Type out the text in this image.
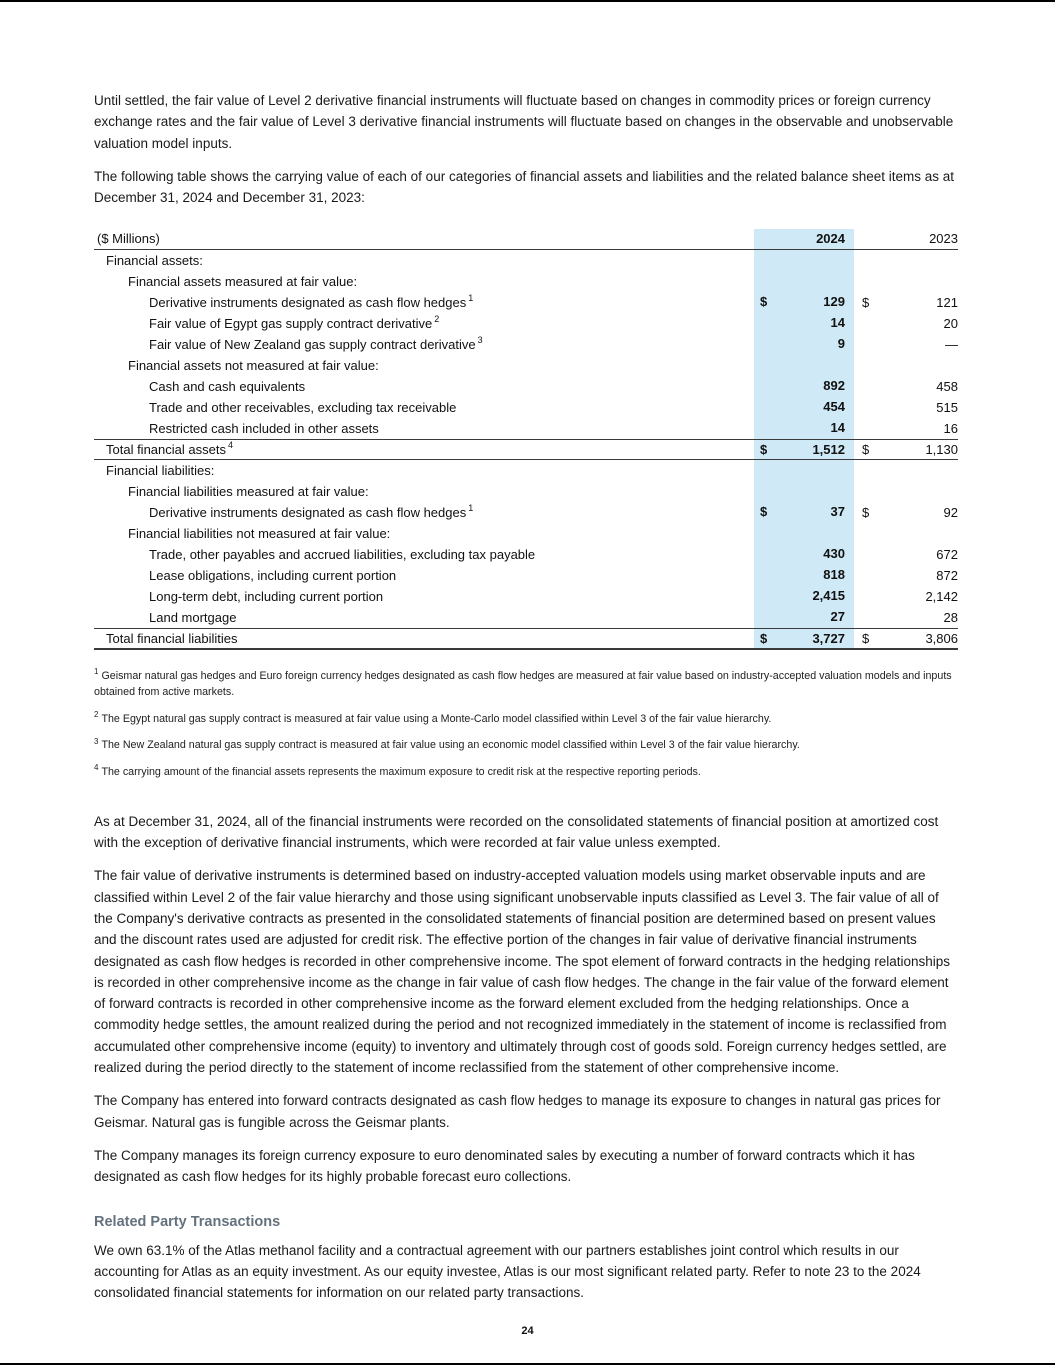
Until settled, the fair value of Level 2 derivative financial instruments will fluctuate based on changes in commodity prices or foreign currency exchange rates and the fair value of Level 3 derivative financial instruments will fluctuate based on changes in the observable and unobservable valuation model inputs.

The following table shows the carrying value of each of our categories of financial assets and liabilities and the related balance sheet items as at December 31, 2024 and December 31, 2023:

($ Millions)	2024	2023
Financial assets:
Financial assets measured at fair value:
Derivative instruments designated as cash flow hedges $^1$	$	129 $	121
Fair value of Egypt gas supply contract derivative $^2$	14	20
Fair value of New Zealand gas supply contract derivative $^3$	9	—
Financial assets not measured at fair value:
Cash and cash equivalents	892	458
Trade and other receivables, excluding tax receivable	454	515
Restricted cash included in other assets	14	16
Total financial assets $^4$	$	1,512 $	1,130
Financial liabilities:
Financial liabilities measured at fair value:
Derivative instruments designated as cash flow hedges $^1$	$	37 $	92
Financial liabilities not measured at fair value:
Trade, other payables and accrued liabilities, excluding tax payable	430	672
Lease obligations, including current portion	818	872
Long-term debt, including current portion	2,415	2,142
Land mortgage	27	28
Total financial liabilities	$	3,727 $	3,806

$^1$ Geismar natural gas hedges and Euro foreign currency hedges designated as cash flow hedges are measured at fair value based on industry-accepted valuation models and inputs obtained from active markets.

$^2$ The Egypt natural gas supply contract is measured at fair value using a Monte-Carlo model classified within Level 3 of the fair value hierarchy.

$^3$ The New Zealand natural gas supply contract is measured at fair value using an economic model classified within Level 3 of the fair value hierarchy.

$^4$ The carrying amount of the financial assets represents the maximum exposure to credit risk at the respective reporting periods.

As at December 31, 2024, all of the financial instruments were recorded on the consolidated statements of financial position at amortized cost with the exception of derivative financial instruments, which were recorded at fair value unless exempted.

The fair value of derivative instruments is determined based on industry-accepted valuation models using market observable inputs and are classified within Level 2 of the fair value hierarchy and those using significant unobservable inputs classified as Level 3. The fair value of all of the Company's derivative contracts as presented in the consolidated statements of financial position are determined based on present values and the discount rates used are adjusted for credit risk. The effective portion of the changes in fair value of derivative financial instruments designated as cash flow hedges is recorded in other comprehensive income. The spot element of forward contracts in the hedging relationships is recorded in other comprehensive income as the change in fair value of cash flow hedges. The change in the fair value of the forward element of forward contracts is recorded in other comprehensive income as the forward element excluded from the hedging relationships. Once a commodity hedge settles, the amount realized during the period and not recognized immediately in the statement of income is reclassified from accumulated other comprehensive income (equity) to inventory and ultimately through cost of goods sold. Foreign currency hedges settled, are realized during the period directly to the statement of income reclassified from the statement of other comprehensive income.

The Company has entered into forward contracts designated as cash flow hedges to manage its exposure to changes in natural gas prices for Geismar. Natural gas is fungible across the Geismar plants.

The Company manages its foreign currency exposure to euro denominated sales by executing a number of forward contracts which it has designated as cash flow hedges for its highly probable forecast euro collections.

Related Party Transactions

We own 63.1% of the Atlas methanol facility and a contractual agreement with our partners establishes joint control which results in our accounting for Atlas as an equity investment. As our equity investee, Atlas is our most significant related party. Refer to note 23 to the 2024 consolidated financial statements for information on our related party transactions.

24
